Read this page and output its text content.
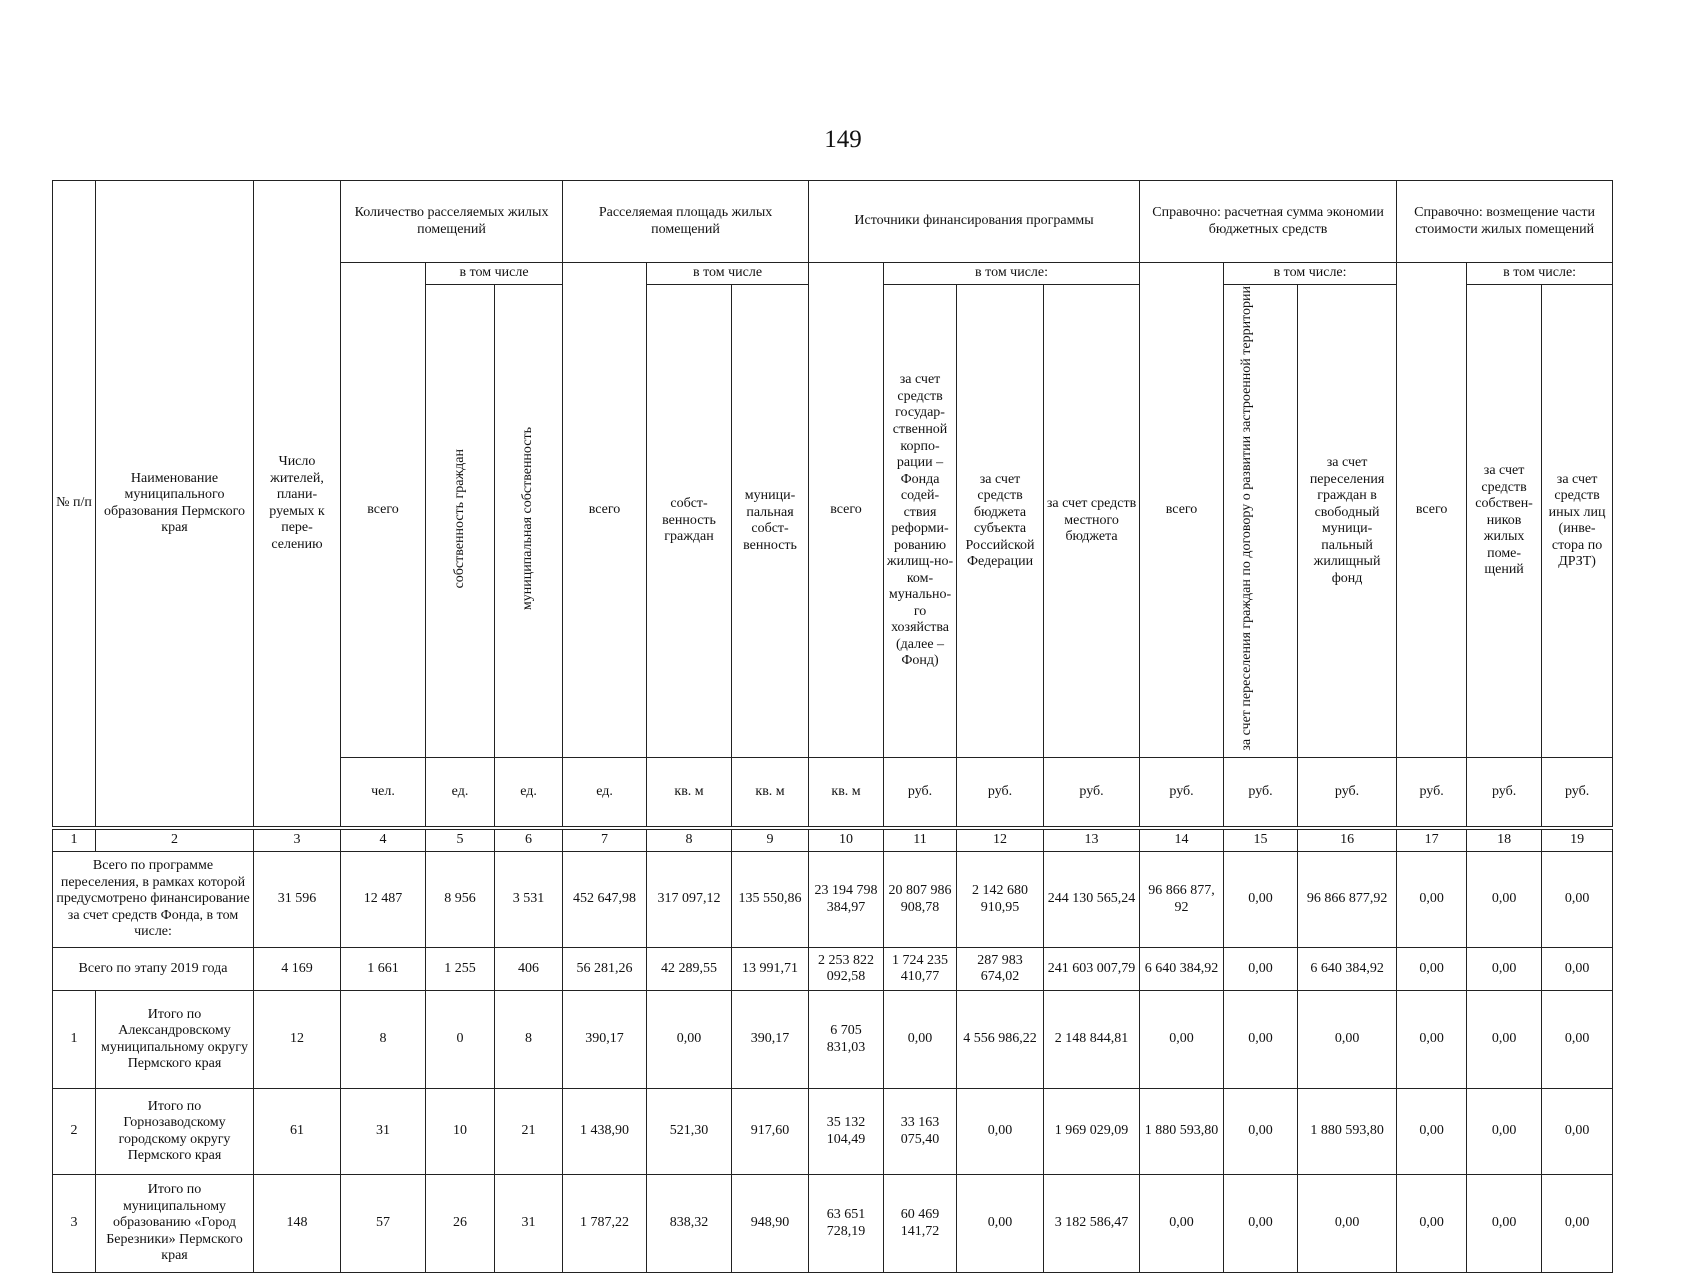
149
№ п/п	Наименование муниципального образования Пермского края	Число жителей, плани-руемых к пере-селению	Количество расселяемых жилых помещений			Расселяемая площадь жилых помещений			Источники финансирования программы				Справочно: расчетная сумма экономии бюджетных средств			Справочно: возмещение части стоимости жилых помещений			
			всего	в том числе		всего	в том числе		всего	в том числе:			всего	в том числе:		всего	в том числе:		
				собственность граждан	муниципальная собственность		собст-венность граждан	муници-пальная собст-венность		за счет средств государ-ственной корпо-рации – Фонда содей-ствия реформи-рованию жилищ-но-ком-мунально-го хозяйства (далее – Фонд)	за счет средств бюджета субъекта Российской Федерации	за счет средств местного бюджета		за счет переселения граждан по договору о развитии застроенной территории	за счет переселения граждан в свободный муници-пальный жилищный фонд		за счет средств собствен-ников жилых поме-щений	за счет средств иных лиц (инве-стора по ДРЗТ)	
			чел.	ед.	ед.	ед.	кв. м	кв. м	кв. м	руб.	руб.	руб.	руб.	руб.	руб.	руб.	руб.	руб.	

1	2	3	4	5	6	7	8	9	10	11	12	13	14	15	16	17	18	19	
Всего по программе переселения, в рамках которой предусмотрено финансирование за счет средств Фонда, в том числе:		31 596	12 487	8 956	3 531	452 647,98	317 097,12	135 550,86	23 194 798 384,97	20 807 986 908,78	2 142 680 910,95	244 130 565,24	96 866 877, 92	0,00	96 866 877,92	0,00	0,00	0,00	
Всего по этапу 2019 года		4 169	1 661	1 255	406	56 281,26	42 289,55	13 991,71	2 253 822 092,58	1 724 235 410,77	287 983 674,02	241 603 007,79	6 640 384,92	0,00	6 640 384,92	0,00	0,00	0,00	
1	Итого по Александровскому муниципальному округу Пермского края	12	8	0	8	390,17	0,00	390,17	6 705 831,03	0,00	4 556 986,22	2 148 844,81	0,00	0,00	0,00	0,00	0,00	0,00	
2	Итого по Горнозаводскому городскому округу Пермского края	61	31	10	21	1 438,90	521,30	917,60	35 132 104,49	33 163 075,40	0,00	1 969 029,09	1 880 593,80	0,00	1 880 593,80	0,00	0,00	0,00	
3	Итого по муниципальному образованию «Город Березники» Пермского края	148	57	26	31	1 787,22	838,32	948,90	63 651 728,19	60 469 141,72	0,00	3 182 586,47	0,00	0,00	0,00	0,00	0,00	0,00	
